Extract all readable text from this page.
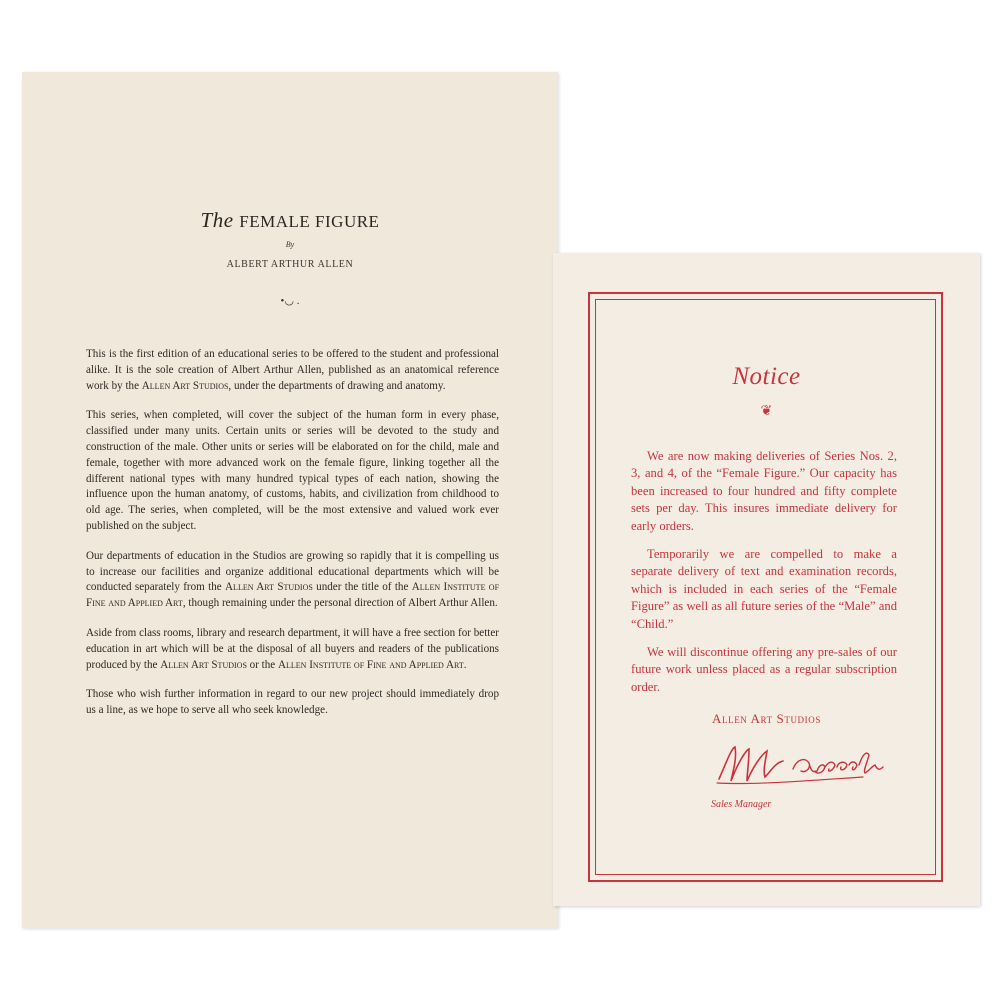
The FEMALE FIGURE
By
ALBERT ARTHUR ALLEN
•◡ .

This is the first edition of an educational series to be offered to the student and professional alike. It is the sole creation of Albert Arthur Allen, published as an anatomical reference work by the Allen Art Studios, under the departments of drawing and anatomy.

This series, when completed, will cover the subject of the human form in every phase, classified under many units. Certain units or series will be devoted to the study and construction of the male. Other units or series will be elaborated on for the child, male and female, together with more advanced work on the female figure, linking together all the different national types with many hundred typical types of each nation, showing the influence upon the human anatomy, of customs, habits, and civilization from childhood to old age. The series, when completed, will be the most extensive and valued work ever published on the subject.

Our departments of education in the Studios are growing so rapidly that it is compelling us to increase our facilities and organize additional educational departments which will be conducted separately from the Allen Art Studios under the title of the Allen Institute of Fine and Applied Art, though remaining under the personal direction of Albert Arthur Allen.

Aside from class rooms, library and research department, it will have a free section for better education in art which will be at the disposal of all buyers and readers of the publications produced by the Allen Art Studios or the Allen Institute of Fine and Applied Art.

Those who wish further information in regard to our new project should immediately drop us a line, as we hope to serve all who seek knowledge.

Notice
❦

We are now making deliveries of Series Nos. 2, 3, and 4, of the “Female Figure.” Our capacity has been increased to four hundred and fifty complete sets per day. This insures immediate delivery for early orders.

Temporarily we are compelled to make a separate delivery of text and examination records, which is included in each series of the “Female Figure” as well as all future series of the “Male” and “Child.”

We will discontinue offering any pre-sales of our future work unless placed as a regular subscription order.

Allen Art Studios
Sales Manager
